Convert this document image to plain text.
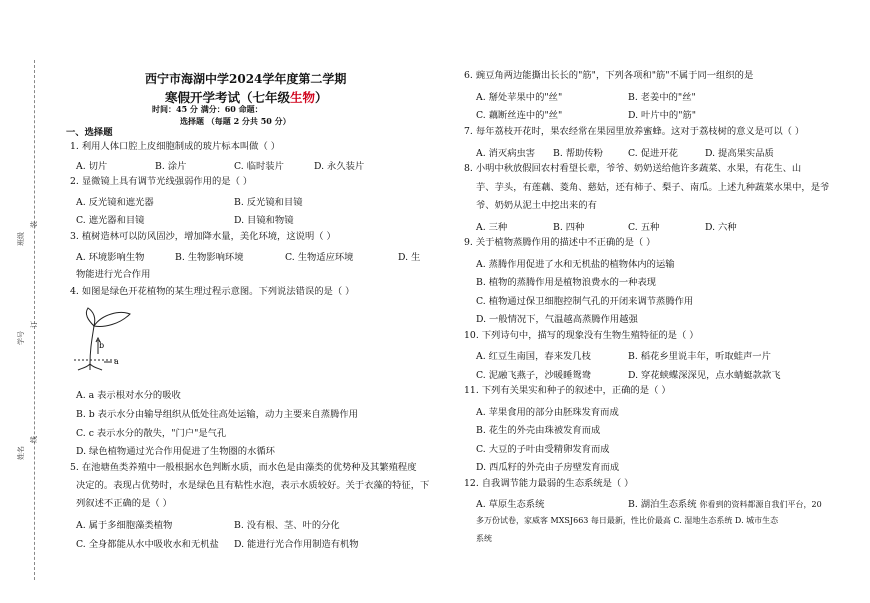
班级
学号
姓名
装
订
线
西宁市海湖中学2024学年度第二学期
寒假开学考试（七年级生物）
时间：45 分 满分：60 命题：
选择题 （每题 2 分共 50 分）
一、选择题
1. 利用人体口腔上皮细胞制成的玻片标本叫做（ ）
A. 切片	B. 涂片	C. 临时装片	D. 永久装片
2. 显微镜上具有调节光线强弱作用的是（ ）
A. 反光镜和遮光器	B. 反光镜和目镜
C. 遮光器和目镜	D. 目镜和物镜
3. 植树造林可以防风固沙，增加降水量，美化环境，这说明（ ）
A. 环境影响生物	B. 生物影响环境	C. 生物适应环境	D. 生
物能进行光合作用
4. 如图是绿色开花植物的某生理过程示意图。下列说法错误的是（ ）
b
a
A. a 表示根对水分的吸收
B. b 表示水分由输导组织从低处往高处运输，动力主要来自蒸腾作用
C. c 表示水分的散失，"门户"是气孔
D. 绿色植物通过光合作用促进了生物圈的水循环
5. 在池塘鱼类养殖中一般根据水色判断水质，而水色是由藻类的优势种及其繁殖程度
决定的。表现占优势时，水是绿色且有粘性水泡，表示水质较好。关于衣藻的特征，下
列叙述不正确的是（ ）
A. 属于多细胞藻类植物	B. 没有根、茎、叶的分化
C. 全身都能从水中吸收水和无机盐 D. 能进行光合作用制造有机物
6. 豌豆角两边能撕出长长的"筋"，下列各项和"筋"不属于同一组织的是
A. 掰处苹果中的"丝"	B. 老姜中的"丝"
C. 藕断丝连中的"丝"	D. 叶片中的"筋"
7. 每年荔枝开花时，果农经常在果园里放养蜜蜂。这对于荔枝树的意义是可以（ ）
A. 消灭病虫害 B. 帮助传粉	C. 促进开花	D. 提高果实品质
8. 小明中秋放假回农村看望长辈，爷爷、奶奶送给他许多蔬菜、水果，有花生、山
芋、芋头，有莲藕、菱角、慈姑，还有柿子、梨子、南瓜。上述九种蔬菜水果中，是爷
爷、奶奶从泥土中挖出来的有
A. 三种	B. 四种	C. 五种	D. 六种
9. 关于植物蒸腾作用的描述中不正确的是（ ）
A. 蒸腾作用促进了水和无机盐的植物体内的运输
B. 植物的蒸腾作用是植物浪费水的一种表现
C. 植物通过保卫细胞控制气孔的开闭来调节蒸腾作用
D. 一般情况下，气温越高蒸腾作用越强
10. 下列诗句中，描写的现象没有生物生殖特征的是（ ）
A. 红豆生南国，春来发几枝	B. 稻花乡里说丰年，听取蛙声一片
C. 泥融飞燕子，沙暖睡鸳鸯	D. 穿花蛱蝶深深见，点水蜻蜓款款飞
11. 下列有关果实和种子的叙述中，正确的是（ ）
A. 苹果食用的部分由胚珠发育而成
B. 花生的外壳由珠被发育而成
C. 大豆的子叶由受精卵发育而成
D. 西瓜籽的外壳由子房壁发育而成
12. 自我调节能力最弱的生态系统是（ ）
A. 草原生态系统	B. 湖泊生态系统 你看到的资料都源自我们平台，20
多万份试卷，家威客 MXSJ663 每日最新，性比价最高 C. 湿地生态系统 D. 城市生态
系统
